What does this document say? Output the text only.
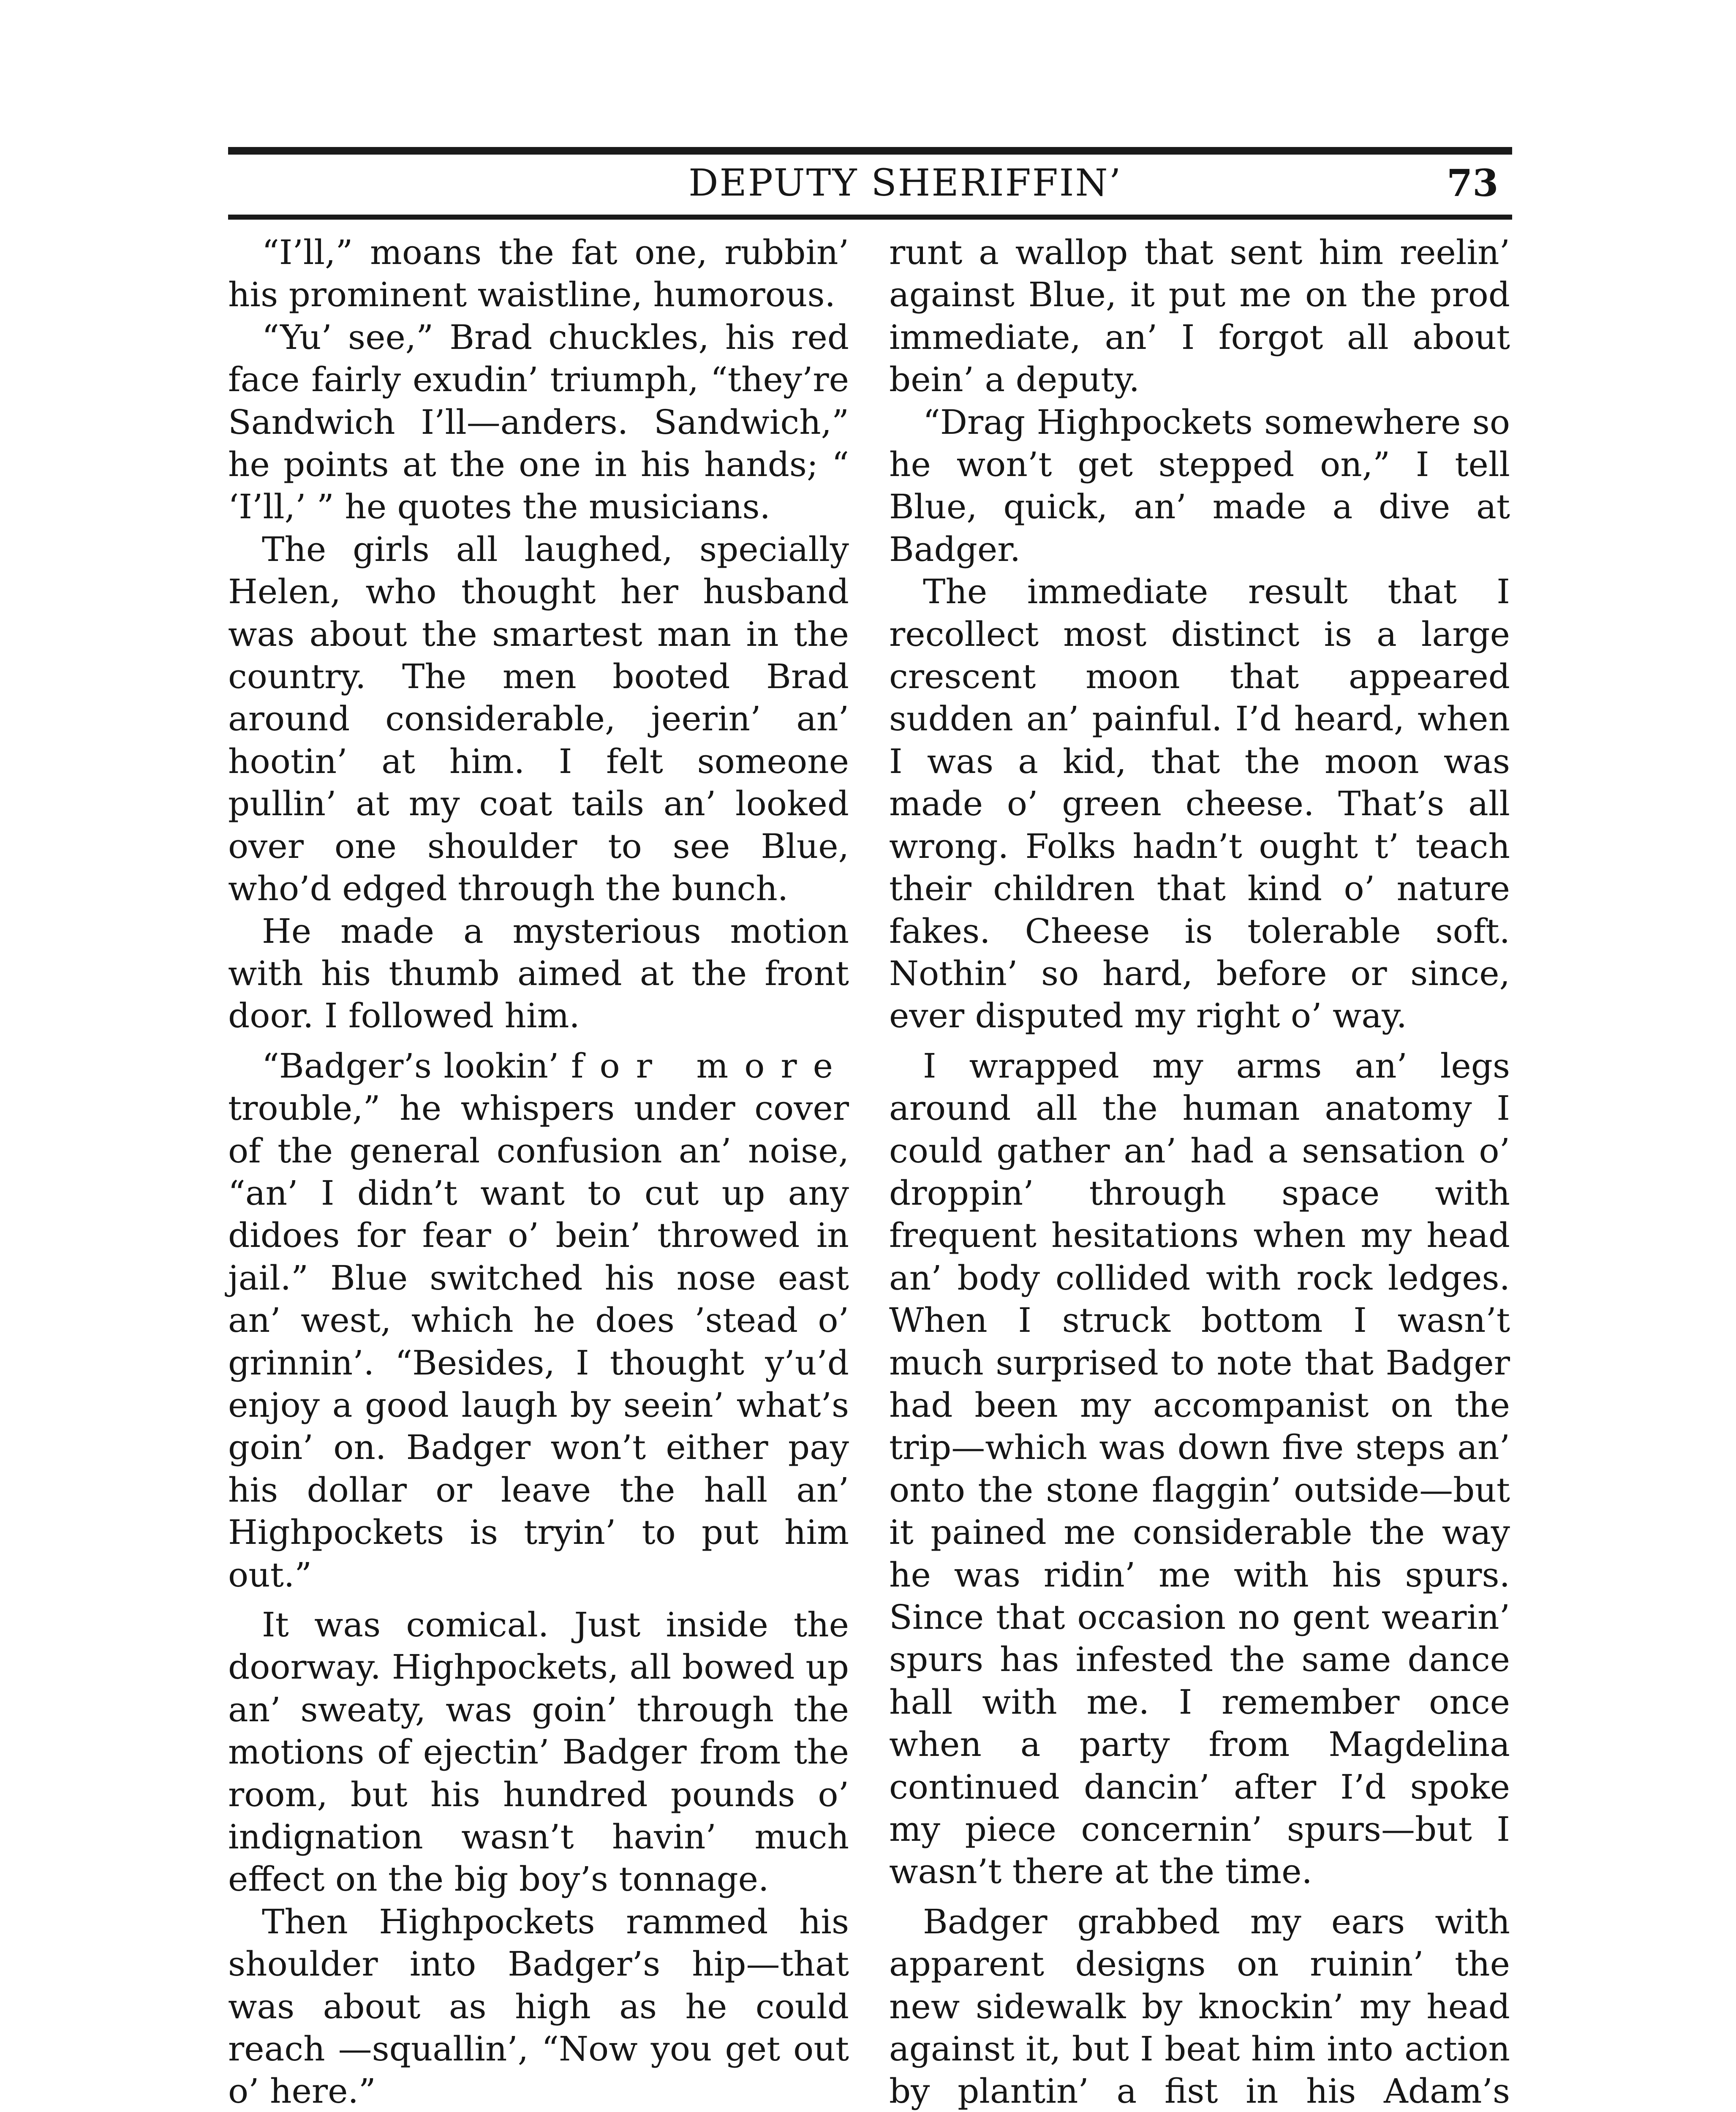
DEPUTY SHERIFFIN’	73

“I’ll,” moans the fat one, rubbin’ his prominent waistline, humorous.

“Yu’ see,” Brad chuckles, his red face fairly exudin’ triumph, “they’re Sandwich I’ll—anders. Sandwich,” he points at the one in his hands; “ ‘I’ll,’ ” he quotes the musicians.

The girls all laughed, specially Helen, who thought her husband was about the smartest man in the country. The men booted Brad around considerable, jeerin’ an’ hootin’ at him. I felt someone pullin’ at my coat tails an’ looked over one shoulder to see Blue, who’d edged through the bunch.

He made a mysterious motion with his thumb aimed at the front door. I followed him.

“Badger’s lookin’ for more trouble,” he whispers under cover of the general confusion an’ noise, “an’ I didn’t want to cut up any didoes for fear o’ bein’ throwed in jail.” Blue switched his nose east an’ west, which he does ’stead o’ grinnin’. “Besides, I thought y’u’d enjoy a good laugh by seein’ what’s goin’ on. Badger won’t either pay his dollar or leave the hall an’ Highpockets is tryin’ to put him out.”

It was comical. Just inside the doorway. Highpockets, all bowed up an’ sweaty, was goin’ through the motions of ejectin’ Badger from the room, but his hundred pounds o’ indignation wasn’t havin’ much effect on the big boy’s tonnage.

Then Highpockets rammed his shoulder into Badger’s hip—that was about as high as he could reach —squallin’, “Now you get out o’ here.”

runt a wallop that sent him reelin’ against Blue, it put me on the prod immediate, an’ I forgot all about bein’ a deputy.

“Drag Highpockets somewhere so he won’t get stepped on,” I tell Blue, quick, an’ made a dive at Badger.

The immediate result that I recollect most distinct is a large crescent moon that appeared sudden an’ painful. I’d heard, when I was a kid, that the moon was made o’ green cheese. That’s all wrong. Folks hadn’t ought t’ teach their children that kind o’ nature fakes. Cheese is tolerable soft. Nothin’ so hard, before or since, ever disputed my right o’ way.

I wrapped my arms an’ legs around all the human anatomy I could gather an’ had a sensation o’ droppin’ through space with frequent hesitations when my head an’ body collided with rock ledges. When I struck bottom I wasn’t much surprised to note that Badger had been my accompanist on the trip—which was down five steps an’ onto the stone flaggin’ outside—but it pained me considerable the way he was ridin’ me with his spurs. Since that occasion no gent wearin’ spurs has infested the same dance hall with me. I remember once when a party from Magdelina continued dancin’ after I’d spoke my piece concernin’ spurs—but I wasn’t there at the time.

Badger grabbed my ears with apparent designs on ruinin’ the new sidewalk by knockin’ my head against it, but I beat him into action by plantin’ a fist in his Adam’s
